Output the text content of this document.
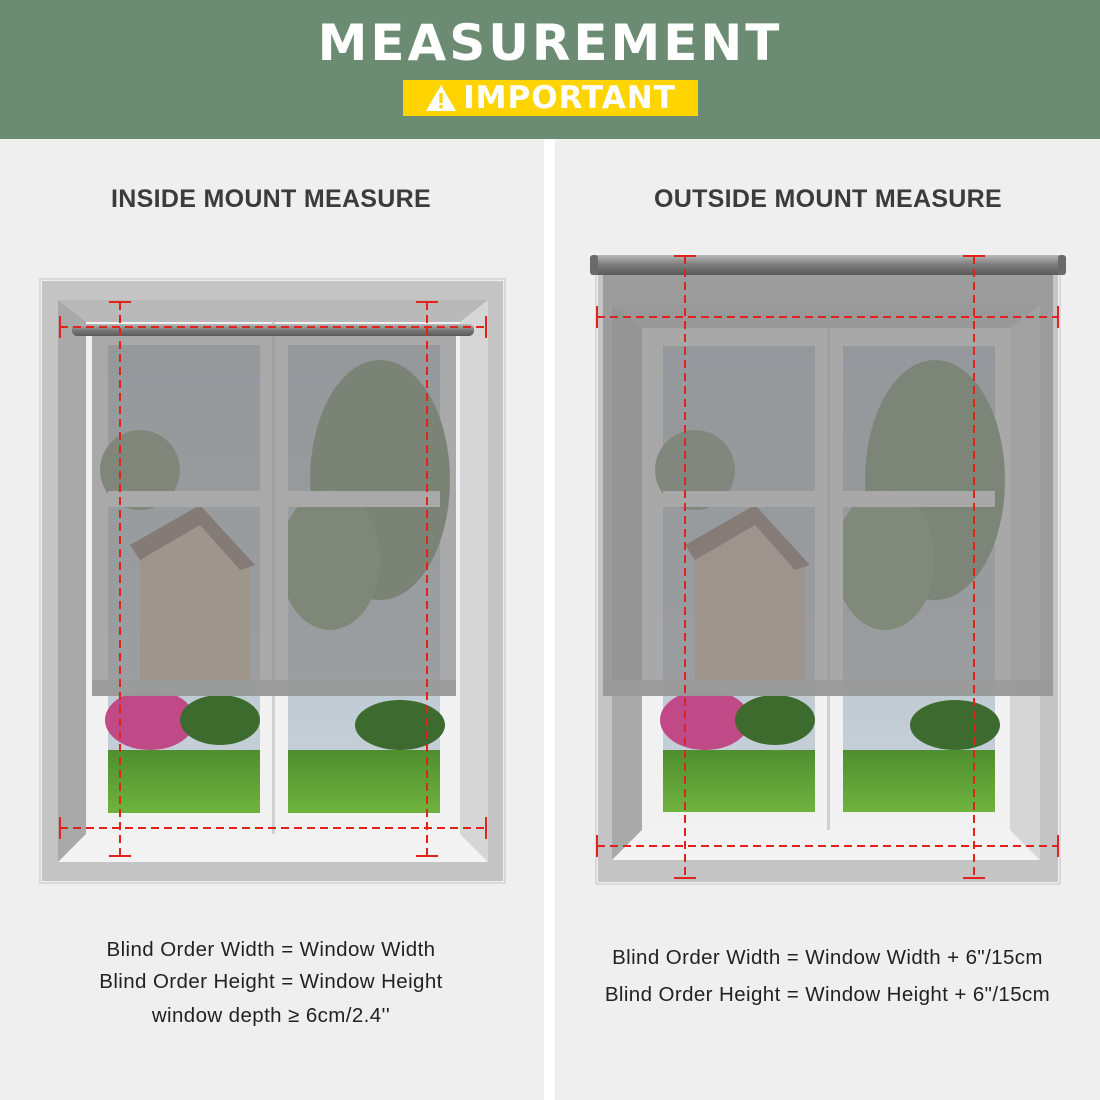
MEASUREMENT
IMPORTANT
INSIDE MOUNT MEASURE	OUTSIDE MOUNT MEASURE
Blind Order Width = Window Width
Blind Order Height = Window Height
window depth ≥ 6cm/2.4''
Blind Order Width = Window Width + 6"/15cm
Blind Order Height = Window Height + 6"/15cm
